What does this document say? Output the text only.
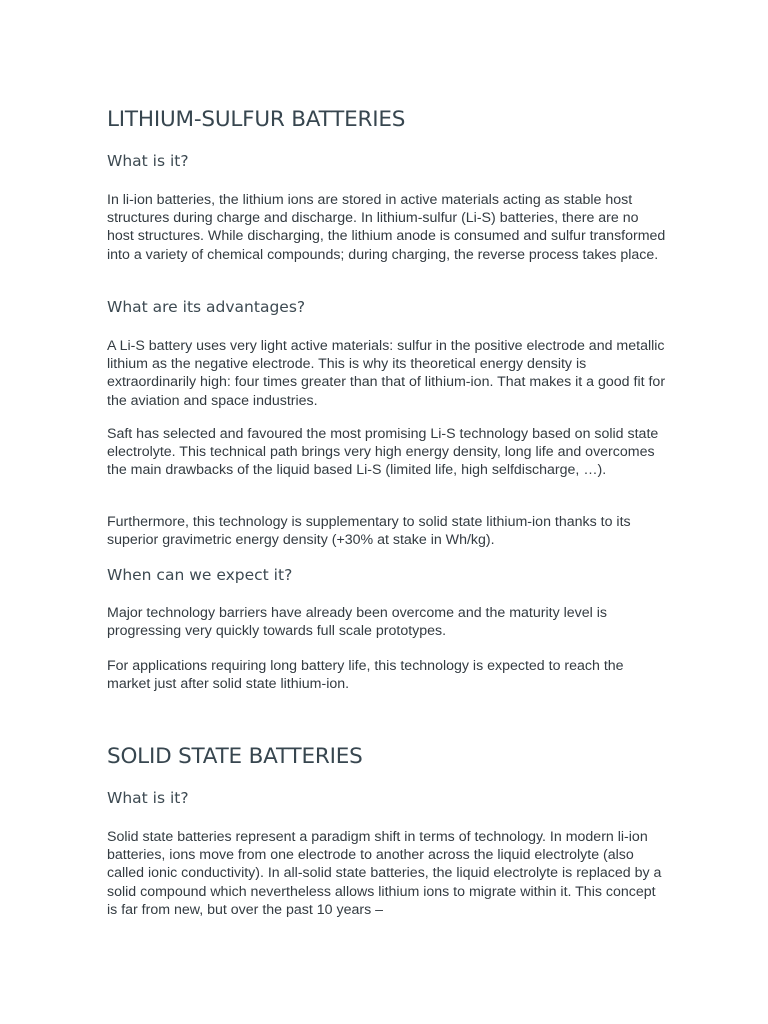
LITHIUM-SULFUR BATTERIES
What is it?

In li-ion batteries, the lithium ions are stored in active materials acting as stable host structures during charge and discharge. In lithium-sulfur (Li-S) batteries, there are no host structures. While discharging, the lithium anode is consumed and sulfur transformed into a variety of chemical compounds; during charging, the reverse process takes place.

What are its advantages?

A Li-S battery uses very light active materials: sulfur in the positive electrode and metallic lithium as the negative electrode. This is why its theoretical energy density is extraordinarily high: four times greater than that of lithium-ion. That makes it a good fit for the aviation and space industries.

Saft has selected and favoured the most promising Li-S technology based on solid state electrolyte. This technical path brings very high energy density, long life and overcomes the main drawbacks of the liquid based Li-S (limited life, high selfdischarge, …).

Furthermore, this technology is supplementary to solid state lithium-ion thanks to its superior gravimetric energy density (+30% at stake in Wh/kg).

When can we expect it?

Major technology barriers have already been overcome and the maturity level is progressing very quickly towards full scale prototypes.

For applications requiring long battery life, this technology is expected to reach the market just after solid state lithium-ion.

SOLID STATE BATTERIES
What is it?

Solid state batteries represent a paradigm shift in terms of technology. In modern li-ion batteries, ions move from one electrode to another across the liquid electrolyte (also called ionic conductivity). In all-solid state batteries, the liquid electrolyte is replaced by a solid compound which nevertheless allows lithium ions to migrate within it. This concept is far from new, but over the past 10 years –
